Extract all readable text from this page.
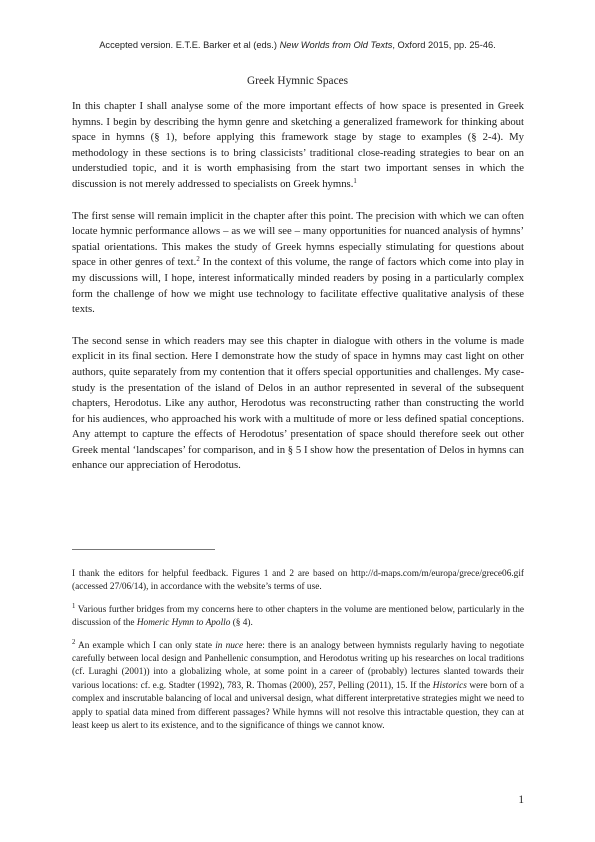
Accepted version. E.T.E. Barker et al (eds.) New Worlds from Old Texts, Oxford 2015, pp. 25-46.
Greek Hymnic Spaces

In this chapter I shall analyse some of the more important effects of how space is presented in Greek hymns. I begin by describing the hymn genre and sketching a generalized framework for thinking about space in hymns (§ 1), before applying this framework stage by stage to examples (§ 2-4). My methodology in these sections is to bring classicists’ traditional close-reading strategies to bear on an understudied topic, and it is worth emphasising from the start two important senses in which the discussion is not merely addressed to specialists on Greek hymns.$^1$

The first sense will remain implicit in the chapter after this point. The precision with which we can often locate hymnic performance allows – as we will see – many opportunities for nuanced analysis of hymns’ spatial orientations. This makes the study of Greek hymns especially stimulating for questions about space in other genres of text.$^2$ In the context of this volume, the range of factors which come into play in my discussions will, I hope, interest informatically minded readers by posing in a particularly complex form the challenge of how we might use technology to facilitate effective qualitative analysis of these texts.

The second sense in which readers may see this chapter in dialogue with others in the volume is made explicit in its final section. Here I demonstrate how the study of space in hymns may cast light on other authors, quite separately from my contention that it offers special opportunities and challenges. My case-study is the presentation of the island of Delos in an author represented in several of the subsequent chapters, Herodotus. Like any author, Herodotus was reconstructing rather than constructing the world for his audiences, who approached his work with a multitude of more or less defined spatial conceptions. Any attempt to capture the effects of Herodotus’ presentation of space should therefore seek out other Greek mental ‘landscapes’ for comparison, and in § 5 I show how the presentation of Delos in hymns can enhance our appreciation of Herodotus.

I thank the editors for helpful feedback. Figures 1 and 2 are based on http://d-maps.com/m/europa/grece/grece06.gif (accessed 27/06/14), in accordance with the website’s terms of use.

$^1$ Various further bridges from my concerns here to other chapters in the volume are mentioned below, particularly in the discussion of the Homeric Hymn to Apollo (§ 4).

$^2$ An example which I can only state in nuce here: there is an analogy between hymnists regularly having to negotiate carefully between local design and Panhellenic consumption, and Herodotus writing up his researches on local traditions (cf. Luraghi (2001)) into a globalizing whole, at some point in a career of (probably) lectures slanted towards their various locations: cf. e.g. Stadter (1992), 783, R. Thomas (2000), 257, Pelling (2011), 15. If the Historics were born of a complex and inscrutable balancing of local and universal design, what different interpretative strategies might we need to apply to spatial data mined from different passages? While hymns will not resolve this intractable question, they can at least keep us alert to its existence, and to the significance of things we cannot know.

1
